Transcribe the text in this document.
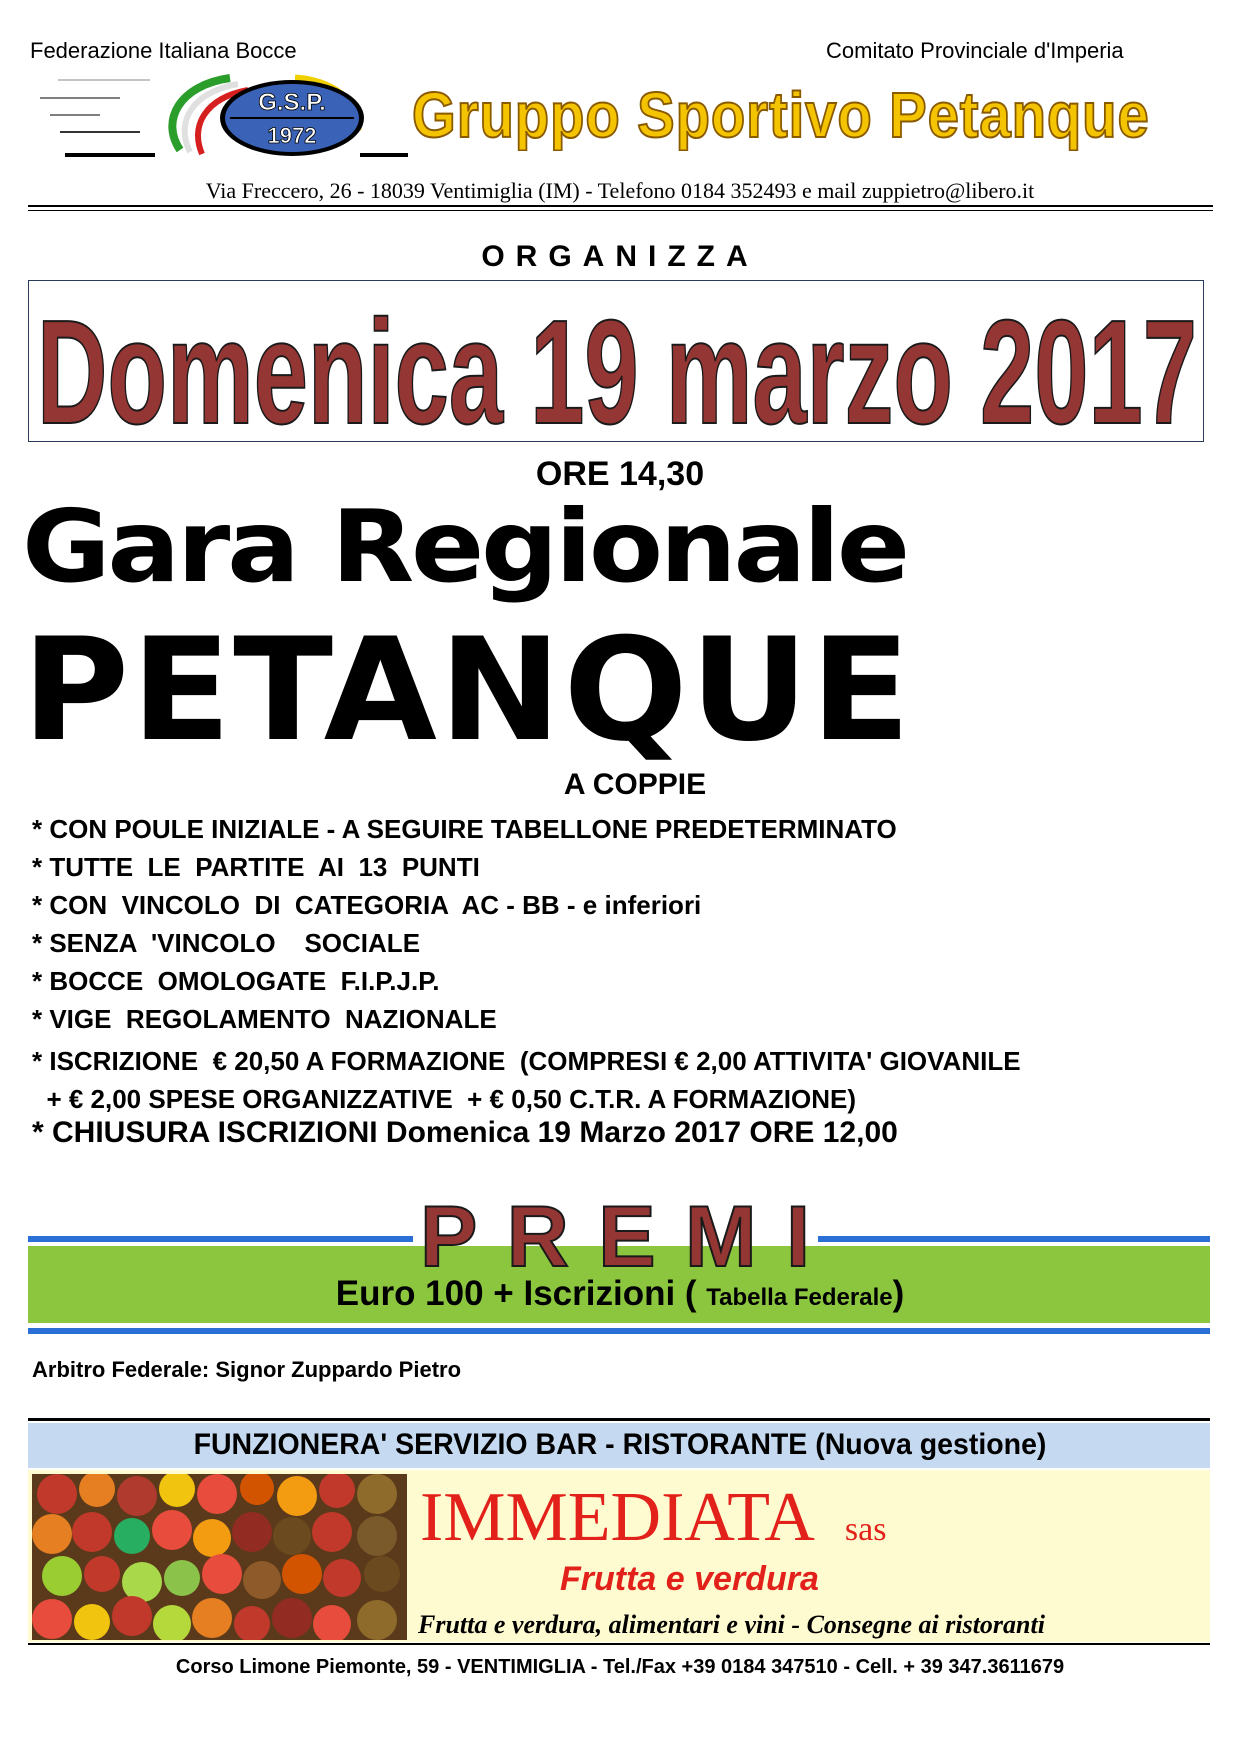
Federazione Italiana Bocce	Comitato Provinciale d'Imperia
G.S.P.
1972 Gruppo Sportivo Petanque
Via Freccero, 26 - 18039 Ventimiglia (IM) - Telefono 0184 352493 e mail zuppietro@libero.it
ORGANIZZA
Domenica 19 marzo 2017
ORE 14,30
Gara Regionale
PETANQUE
A COPPIE
* CON POULE INIZIALE - A SEGUIRE TABELLONE PREDETERMINATO
* TUTTE  LE  PARTITE  AI  13  PUNTI
* CON  VINCOLO  DI  CATEGORIA  AC - BB - e inferiori
* SENZA  'VINCOLO    SOCIALE
* BOCCE  OMOLOGATE  F.I.P.J.P.
* VIGE  REGOLAMENTO  NAZIONALE
* ISCRIZIONE  € 20,50 A FORMAZIONE  (COMPRESI € 2,00 ATTIVITA' GIOVANILE
+ € 2,00 SPESE ORGANIZZATIVE  + € 0,50 C.T.R. A FORMAZIONE)
* CHIUSURA ISCRIZIONI Domenica 19 Marzo 2017 ORE 12,00
PREMI
Euro 100 + Iscrizioni ( Tabella Federale)
Arbitro Federale: Signor Zuppardo Pietro
FUNZIONERA' SERVIZIO BAR - RISTORANTE (Nuova gestione)
IMMEDIATA sas
Frutta e verdura
Frutta e verdura, alimentari e vini - Consegne ai ristoranti
Corso Limone Piemonte, 59 - VENTIMIGLIA - Tel./Fax +39 0184 347510 - Cell. + 39 347.3611679
